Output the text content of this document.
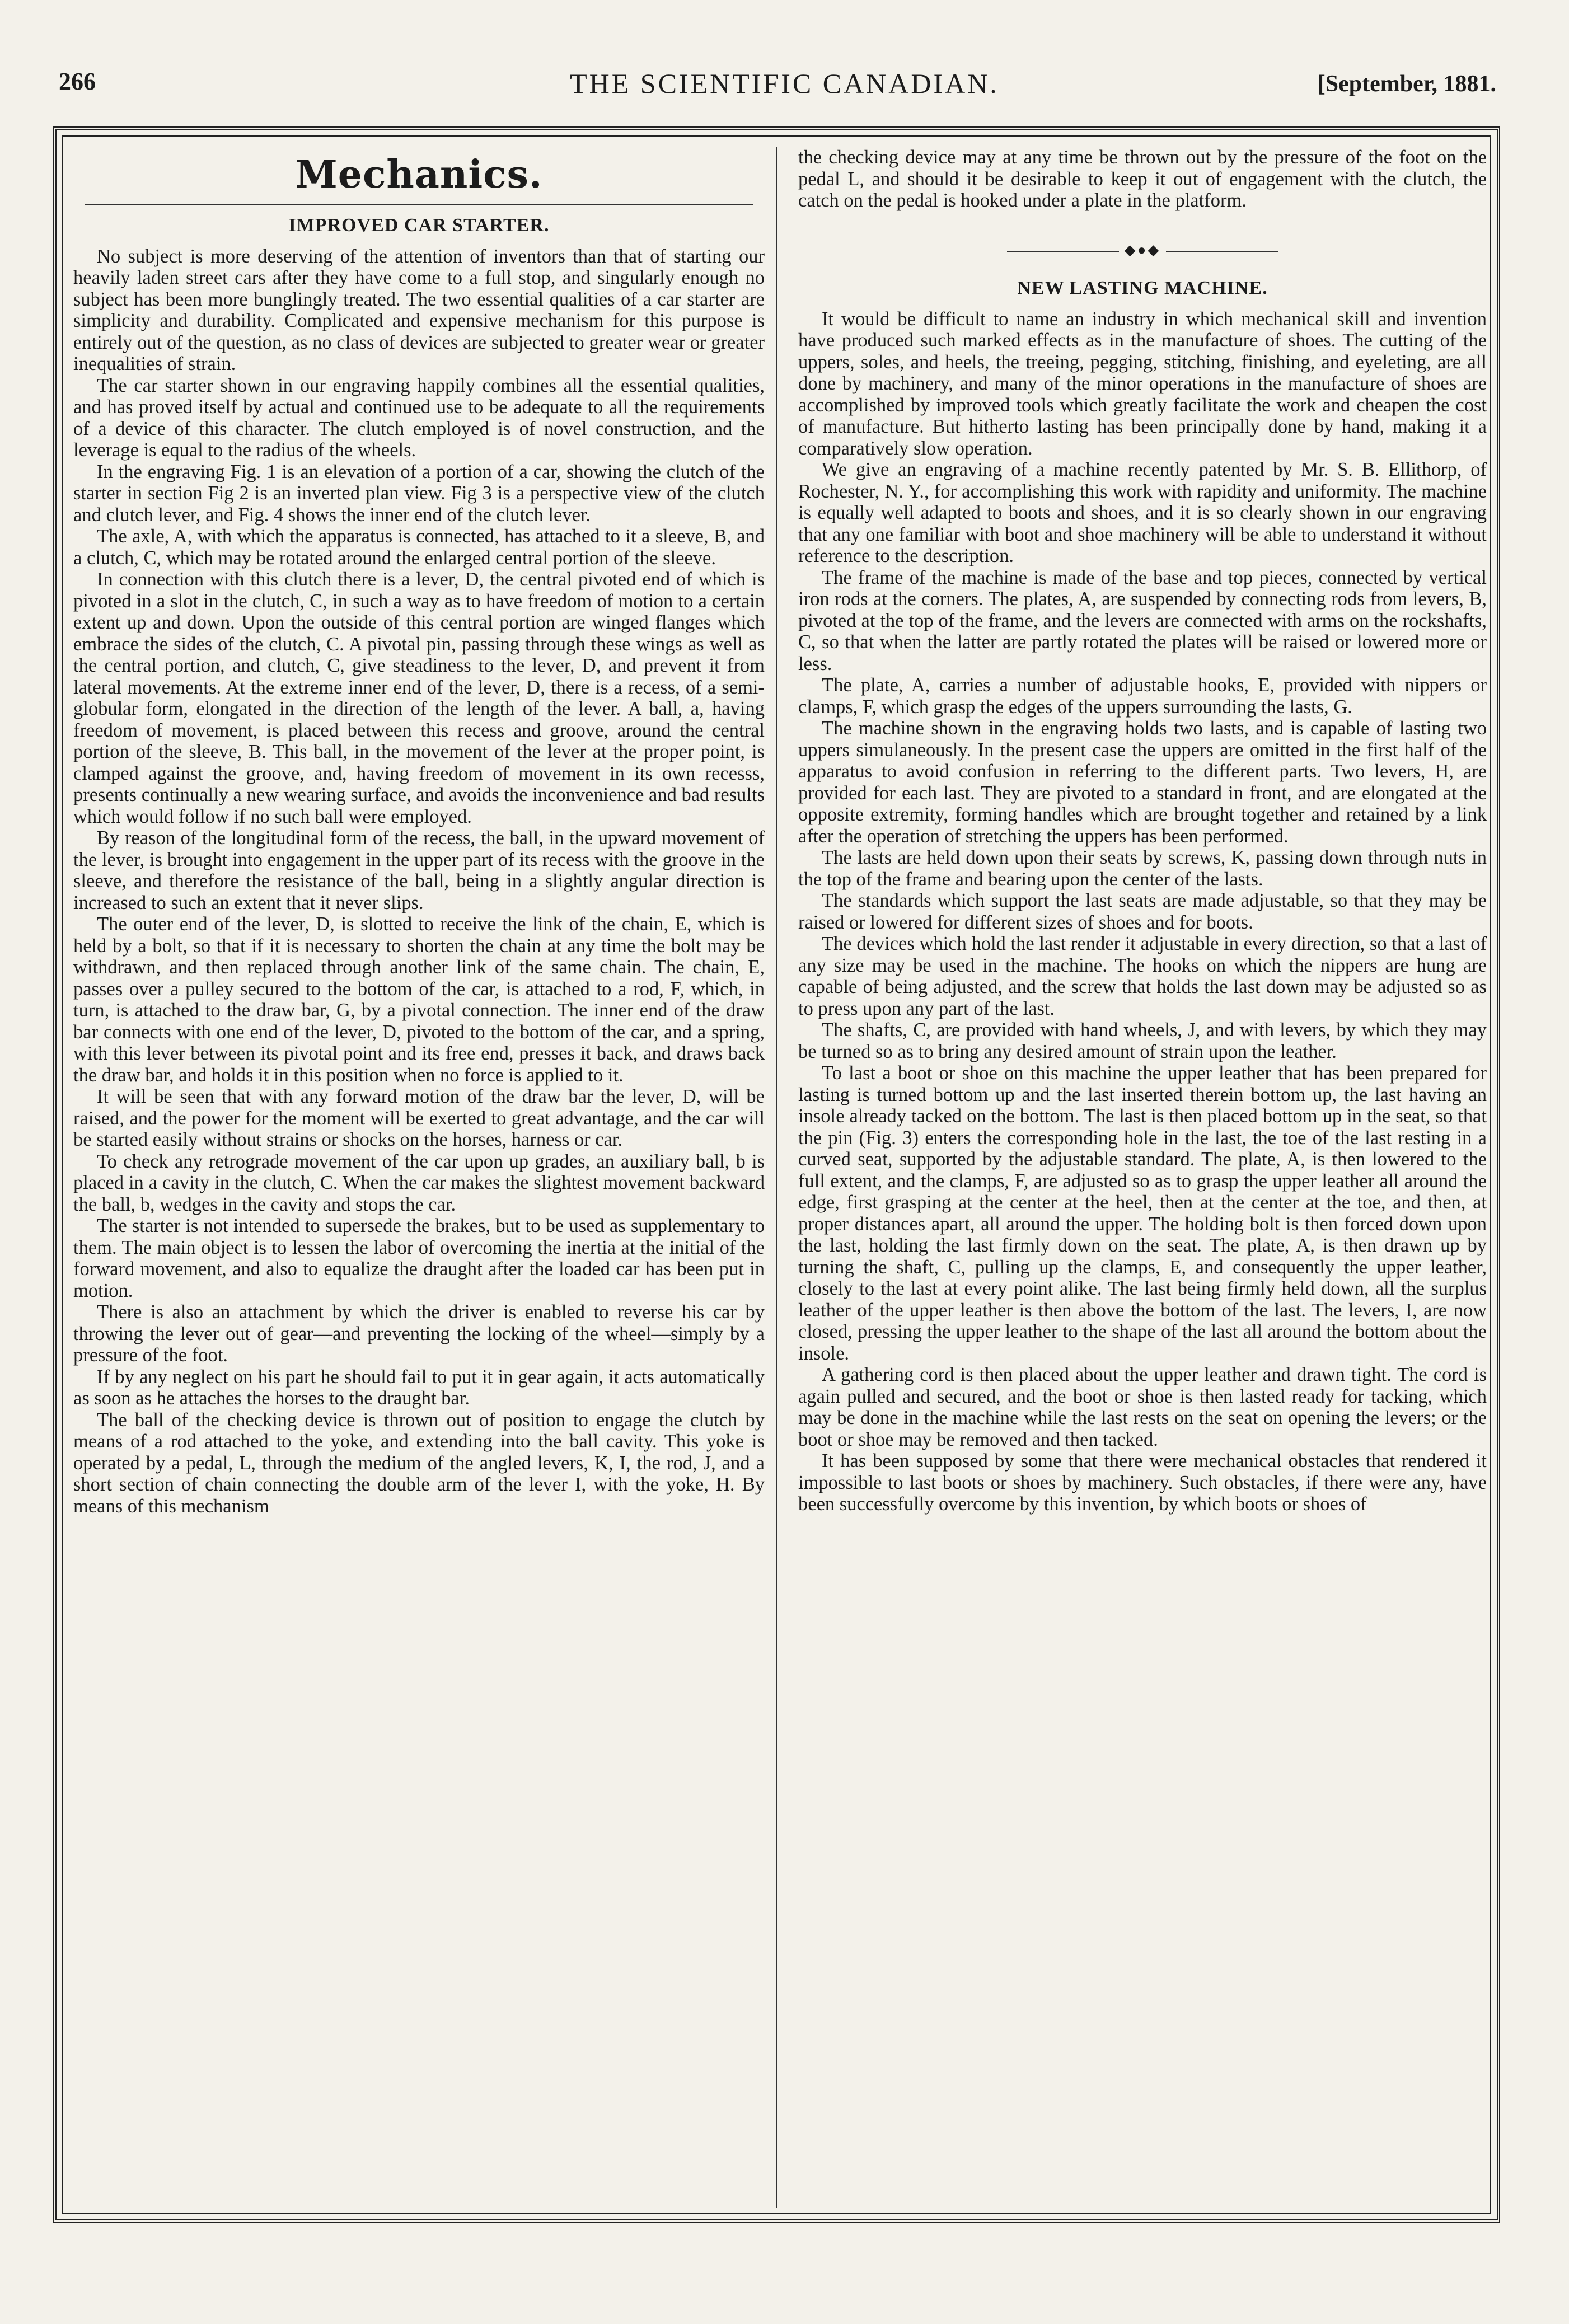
266	THE SCIENTIFIC CANADIAN.	[September, 1881.
Mechanics.
IMPROVED CAR STARTER.

No subject is more deserving of the attention of inventors than that of starting our heavily laden street cars after they have come to a full stop, and singularly enough no subject has been more bunglingly treated. The two essential qualities of a car starter are simplicity and durability. Complicated and expensive mechanism for this purpose is entirely out of the question, as no class of devices are subjected to greater wear or greater inequalities of strain.

The car starter shown in our engraving happily combines all the essential qualities, and has proved itself by actual and continued use to be adequate to all the requirements of a device of this character. The clutch employed is of novel construction, and the leverage is equal to the radius of the wheels.

In the engraving Fig. 1 is an elevation of a portion of a car, showing the clutch of the starter in section Fig 2 is an inverted plan view. Fig 3 is a perspective view of the clutch and clutch lever, and Fig. 4 shows the inner end of the clutch lever.

The axle, A, with which the apparatus is connected, has attached to it a sleeve, B, and a clutch, C, which may be rotated around the enlarged central portion of the sleeve.

In connection with this clutch there is a lever, D, the central pivoted end of which is pivoted in a slot in the clutch, C, in such a way as to have freedom of motion to a certain extent up and down. Upon the outside of this central portion are winged flanges which embrace the sides of the clutch, C. A pivotal pin, passing through these wings as well as the central portion, and clutch, C, give steadiness to the lever, D, and prevent it from lateral movements. At the extreme inner end of the lever, D, there is a recess, of a semi-globular form, elongated in the direction of the length of the lever. A ball, a, having freedom of movement, is placed between this recess and groove, around the central portion of the sleeve, B. This ball, in the movement of the lever at the proper point, is clamped against the groove, and, having freedom of movement in its own recesss, presents continually a new wearing surface, and avoids the inconvenience and bad results which would follow if no such ball were employed.

By reason of the longitudinal form of the recess, the ball, in the upward movement of the lever, is brought into engagement in the upper part of its recess with the groove in the sleeve, and therefore the resistance of the ball, being in a slightly angular direction is increased to such an extent that it never slips.

The outer end of the lever, D, is slotted to receive the link of the chain, E, which is held by a bolt, so that if it is necessary to shorten the chain at any time the bolt may be withdrawn, and then replaced through another link of the same chain. The chain, E, passes over a pulley secured to the bottom of the car, is attached to a rod, F, which, in turn, is attached to the draw bar, G, by a pivotal connection. The inner end of the draw bar connects with one end of the lever, D, pivoted to the bottom of the car, and a spring, with this lever between its pivotal point and its free end, presses it back, and draws back the draw bar, and holds it in this position when no force is applied to it.

It will be seen that with any forward motion of the draw bar the lever, D, will be raised, and the power for the moment will be exerted to great advantage, and the car will be started easily without strains or shocks on the horses, harness or car.

To check any retrograde movement of the car upon up grades, an auxiliary ball, b is placed in a cavity in the clutch, C. When the car makes the slightest movement backward the ball, b, wedges in the cavity and stops the car.

The starter is not intended to supersede the brakes, but to be used as supplementary to them. The main object is to lessen the labor of overcoming the inertia at the initial of the forward movement, and also to equalize the draught after the loaded car has been put in motion.

There is also an attachment by which the driver is enabled to reverse his car by throwing the lever out of gear—and preventing the locking of the wheel—simply by a pressure of the foot.

If by any neglect on his part he should fail to put it in gear again, it acts automatically as soon as he attaches the horses to the draught bar.

The ball of the checking device is thrown out of position to engage the clutch by means of a rod attached to the yoke, and extending into the ball cavity. This yoke is operated by a pedal, L, through the medium of the angled levers, K, I, the rod, J, and a short section of chain connecting the double arm of the lever I, with the yoke, H. By means of this mechanism

the checking device may at any time be thrown out by the pressure of the foot on the pedal L, and should it be desirable to keep it out of engagement with the clutch, the catch on the pedal is hooked under a plate in the platform.

◆●◆
NEW LASTING MACHINE.

It would be difficult to name an industry in which mechanical skill and invention have produced such marked effects as in the manufacture of shoes. The cutting of the uppers, soles, and heels, the treeing, pegging, stitching, finishing, and eyeleting, are all done by machinery, and many of the minor operations in the manufacture of shoes are accomplished by improved tools which greatly facilitate the work and cheapen the cost of manufacture. But hitherto lasting has been principally done by hand, making it a comparatively slow operation.

We give an engraving of a machine recently patented by Mr. S. B. Ellithorp, of Rochester, N. Y., for accomplishing this work with rapidity and uniformity. The machine is equally well adapted to boots and shoes, and it is so clearly shown in our engraving that any one familiar with boot and shoe machinery will be able to understand it without reference to the description.

The frame of the machine is made of the base and top pieces, connected by vertical iron rods at the corners. The plates, A, are suspended by connecting rods from levers, B, pivoted at the top of the frame, and the levers are connected with arms on the rockshafts, C, so that when the latter are partly rotated the plates will be raised or lowered more or less.

The plate, A, carries a number of adjustable hooks, E, provided with nippers or clamps, F, which grasp the edges of the uppers surrounding the lasts, G.

The machine shown in the engraving holds two lasts, and is capable of lasting two uppers simulaneously. In the present case the uppers are omitted in the first half of the apparatus to avoid confusion in referring to the different parts. Two levers, H, are provided for each last. They are pivoted to a standard in front, and are elongated at the opposite extremity, forming handles which are brought together and retained by a link after the operation of stretching the uppers has been performed.

The lasts are held down upon their seats by screws, K, passing down through nuts in the top of the frame and bearing upon the center of the lasts.

The standards which support the last seats are made adjustable, so that they may be raised or lowered for different sizes of shoes and for boots.

The devices which hold the last render it adjustable in every direction, so that a last of any size may be used in the machine. The hooks on which the nippers are hung are capable of being adjusted, and the screw that holds the last down may be adjusted so as to press upon any part of the last.

The shafts, C, are provided with hand wheels, J, and with levers, by which they may be turned so as to bring any desired amount of strain upon the leather.

To last a boot or shoe on this machine the upper leather that has been prepared for lasting is turned bottom up and the last inserted therein bottom up, the last having an insole already tacked on the bottom. The last is then placed bottom up in the seat, so that the pin (Fig. 3) enters the corresponding hole in the last, the toe of the last resting in a curved seat, supported by the adjustable standard. The plate, A, is then lowered to the full extent, and the clamps, F, are adjusted so as to grasp the upper leather all around the edge, first grasping at the center at the heel, then at the center at the toe, and then, at proper distances apart, all around the upper. The holding bolt is then forced down upon the last, holding the last firmly down on the seat. The plate, A, is then drawn up by turning the shaft, C, pulling up the clamps, E, and consequently the upper leather, closely to the last at every point alike. The last being firmly held down, all the surplus leather of the upper leather is then above the bottom of the last. The levers, I, are now closed, pressing the upper leather to the shape of the last all around the bottom about the insole.

A gathering cord is then placed about the upper leather and drawn tight. The cord is again pulled and secured, and the boot or shoe is then lasted ready for tacking, which may be done in the machine while the last rests on the seat on opening the levers; or the boot or shoe may be removed and then tacked.

It has been supposed by some that there were mechanical obstacles that rendered it impossible to last boots or shoes by machinery. Such obstacles, if there were any, have been successfully overcome by this invention, by which boots or shoes of
